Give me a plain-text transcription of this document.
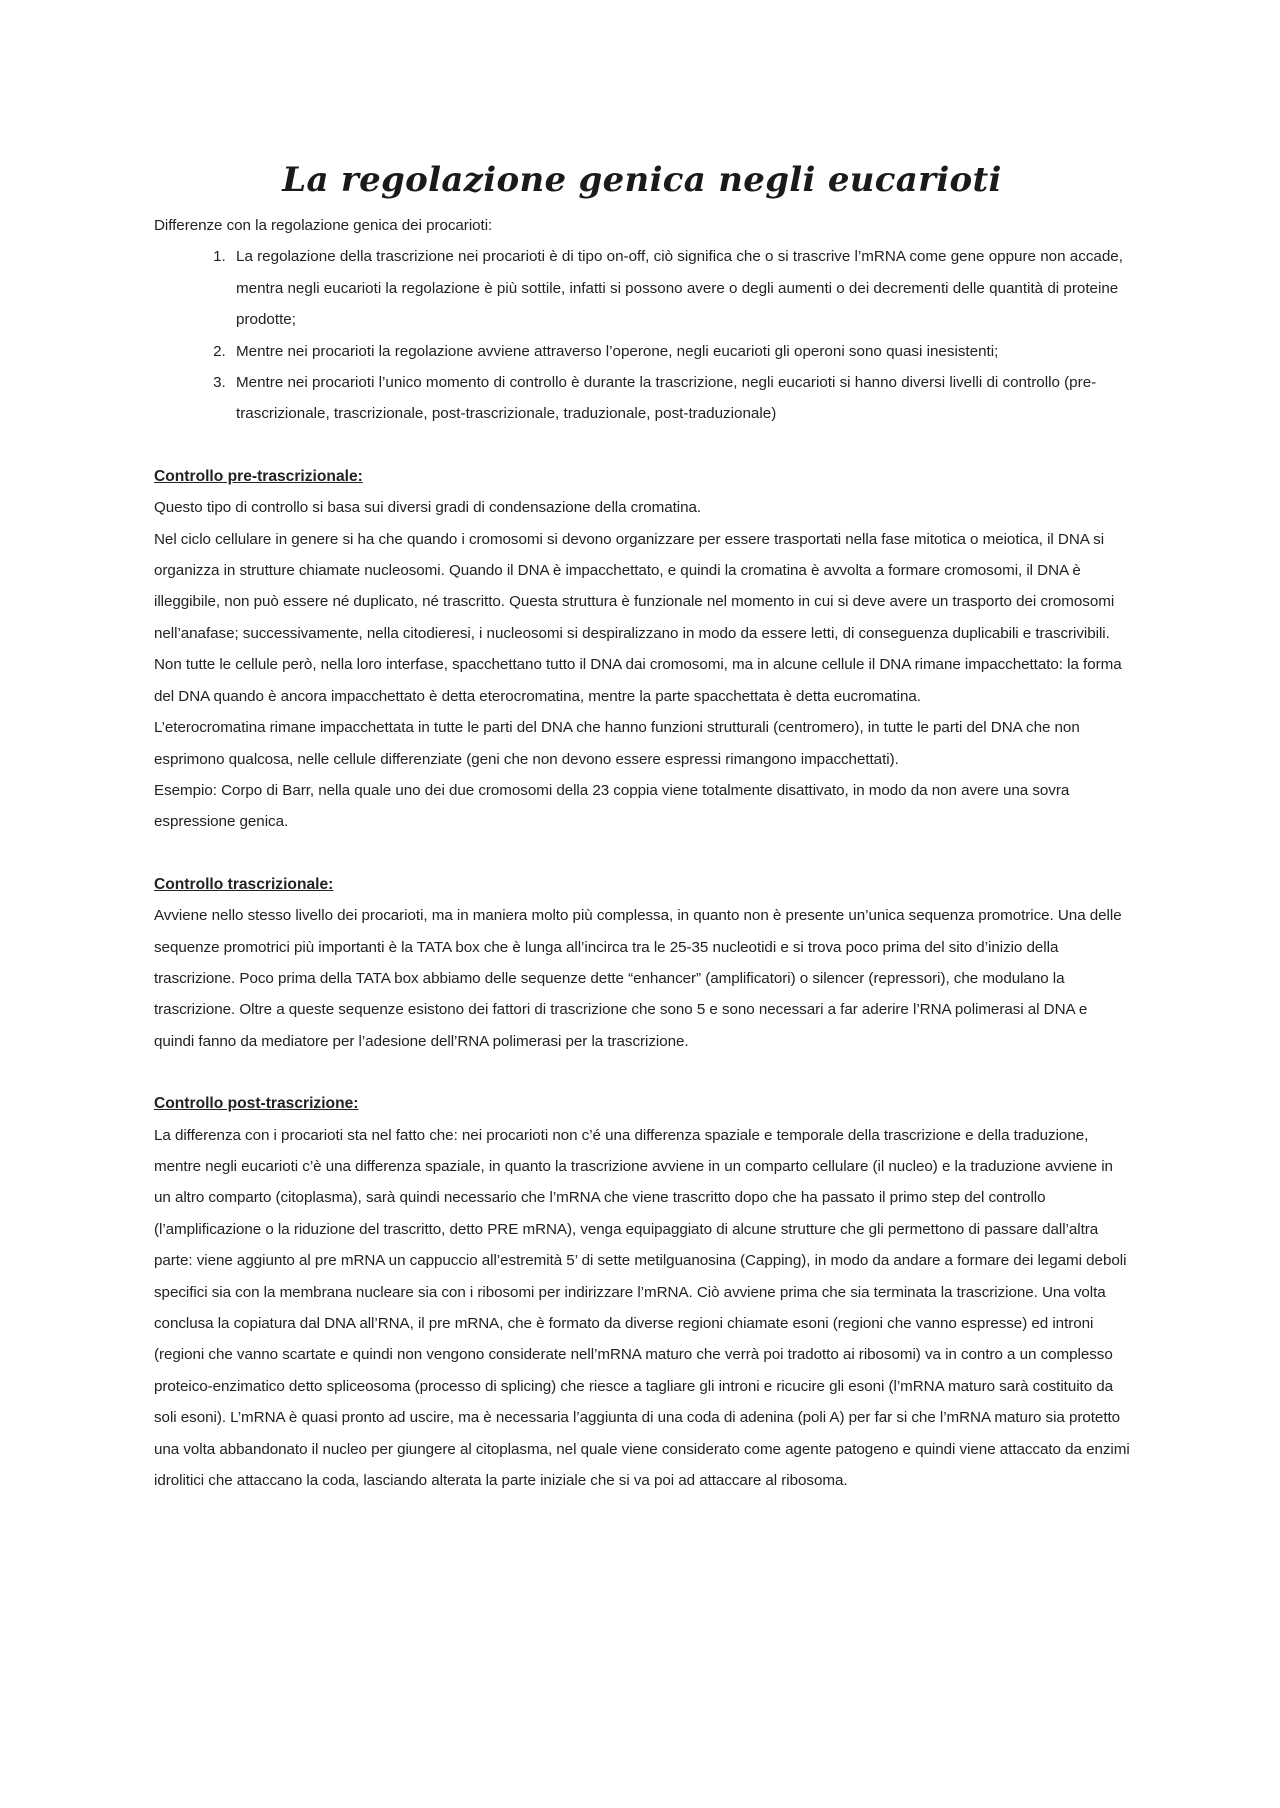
La regolazione genica negli eucarioti

Differenze con la regolazione genica dei procarioti:

1. La regolazione della trascrizione nei procarioti è di tipo on-off, ciò significa che o si trascrive l’mRNA come gene oppure non accade, mentra negli eucarioti la regolazione è più sottile, infatti si possono avere o degli aumenti o dei decrementi delle quantità di proteine prodotte;
2. Mentre nei procarioti la regolazione avviene attraverso l’operone, negli eucarioti gli operoni sono quasi inesistenti;
3. Mentre nei procarioti l’unico momento di controllo è durante la trascrizione, negli eucarioti si hanno diversi livelli di controllo (pre-trascrizionale, trascrizionale, post-trascrizionale, traduzionale, post-traduzionale)

Controllo pre-trascrizionale:

Questo tipo di controllo si basa sui diversi gradi di condensazione della cromatina.

Nel ciclo cellulare in genere si ha che quando i cromosomi si devono organizzare per essere trasportati nella fase mitotica o meiotica, il DNA si organizza in strutture chiamate nucleosomi. Quando il DNA è impacchettato, e quindi la cromatina è avvolta a formare cromosomi, il DNA è illeggibile, non può essere né duplicato, né trascritto. Questa struttura è funzionale nel momento in cui si deve avere un trasporto dei cromosomi nell’anafase; successivamente, nella citodieresi, i nucleosomi si despiralizzano in modo da essere letti, di conseguenza duplicabili e trascrivibili.

Non tutte le cellule però, nella loro interfase, spacchettano tutto il DNA dai cromosomi, ma in alcune cellule il DNA rimane impacchettato: la forma del DNA quando è ancora impacchettato è detta eterocromatina, mentre la parte spacchettata è detta eucromatina.

L’eterocromatina rimane impacchettata in tutte le parti del DNA che hanno funzioni strutturali (centromero), in tutte le parti del DNA che non esprimono qualcosa, nelle cellule differenziate (geni che non devono essere espressi rimangono impacchettati).

Esempio: Corpo di Barr, nella quale uno dei due cromosomi della 23 coppia viene totalmente disattivato, in modo da non avere una sovra espressione genica.

Controllo trascrizionale:

Avviene nello stesso livello dei procarioti, ma in maniera molto più complessa, in quanto non è presente un’unica sequenza promotrice. Una delle sequenze promotrici più importanti è la TATA box che è lunga all’incirca tra le 25-35 nucleotidi e si trova poco prima del sito d’inizio della trascrizione. Poco prima della TATA box abbiamo delle sequenze dette “enhancer” (amplificatori) o silencer (repressori), che modulano la trascrizione. Oltre a queste sequenze esistono dei fattori di trascrizione che sono 5 e sono necessari a far aderire l’RNA polimerasi al DNA e quindi fanno da mediatore per l’adesione dell’RNA polimerasi per la trascrizione.

Controllo post-trascrizione:

La differenza con i procarioti sta nel fatto che: nei procarioti non c’é una differenza spaziale e temporale della trascrizione e della traduzione, mentre negli eucarioti c’è una differenza spaziale, in quanto la trascrizione avviene in un comparto cellulare (il nucleo) e la traduzione avviene in un altro comparto (citoplasma), sarà quindi necessario che l’mRNA che viene trascritto dopo che ha passato il primo step del controllo (l’amplificazione o la riduzione del trascritto, detto PRE mRNA), venga equipaggiato di alcune strutture che gli permettono di passare dall’altra parte: viene aggiunto al pre mRNA un cappuccio all’estremità 5’ di sette metilguanosina (Capping), in modo da andare a formare dei legami deboli specifici sia con la membrana nucleare sia con i ribosomi per indirizzare l’mRNA. Ciò avviene prima che sia terminata la trascrizione. Una volta conclusa la copiatura dal DNA all’RNA, il pre mRNA, che è formato da diverse regioni chiamate esoni (regioni che vanno espresse) ed introni (regioni che vanno scartate e quindi non vengono considerate nell’mRNA maturo che verrà poi tradotto ai ribosomi) va in contro a un complesso proteico-enzimatico detto spliceosoma (processo di splicing) che riesce a tagliare gli introni e ricucire gli esoni (l’mRNA maturo sarà costituito da soli esoni). L’mRNA è quasi pronto ad uscire, ma è necessaria l’aggiunta di una coda di adenina (poli A) per far si che l’mRNA maturo sia protetto una volta abbandonato il nucleo per giungere al citoplasma, nel quale viene considerato come agente patogeno e quindi viene attaccato da enzimi idrolitici che attaccano la coda, lasciando alterata la parte iniziale che si va poi ad attaccare al ribosoma.
